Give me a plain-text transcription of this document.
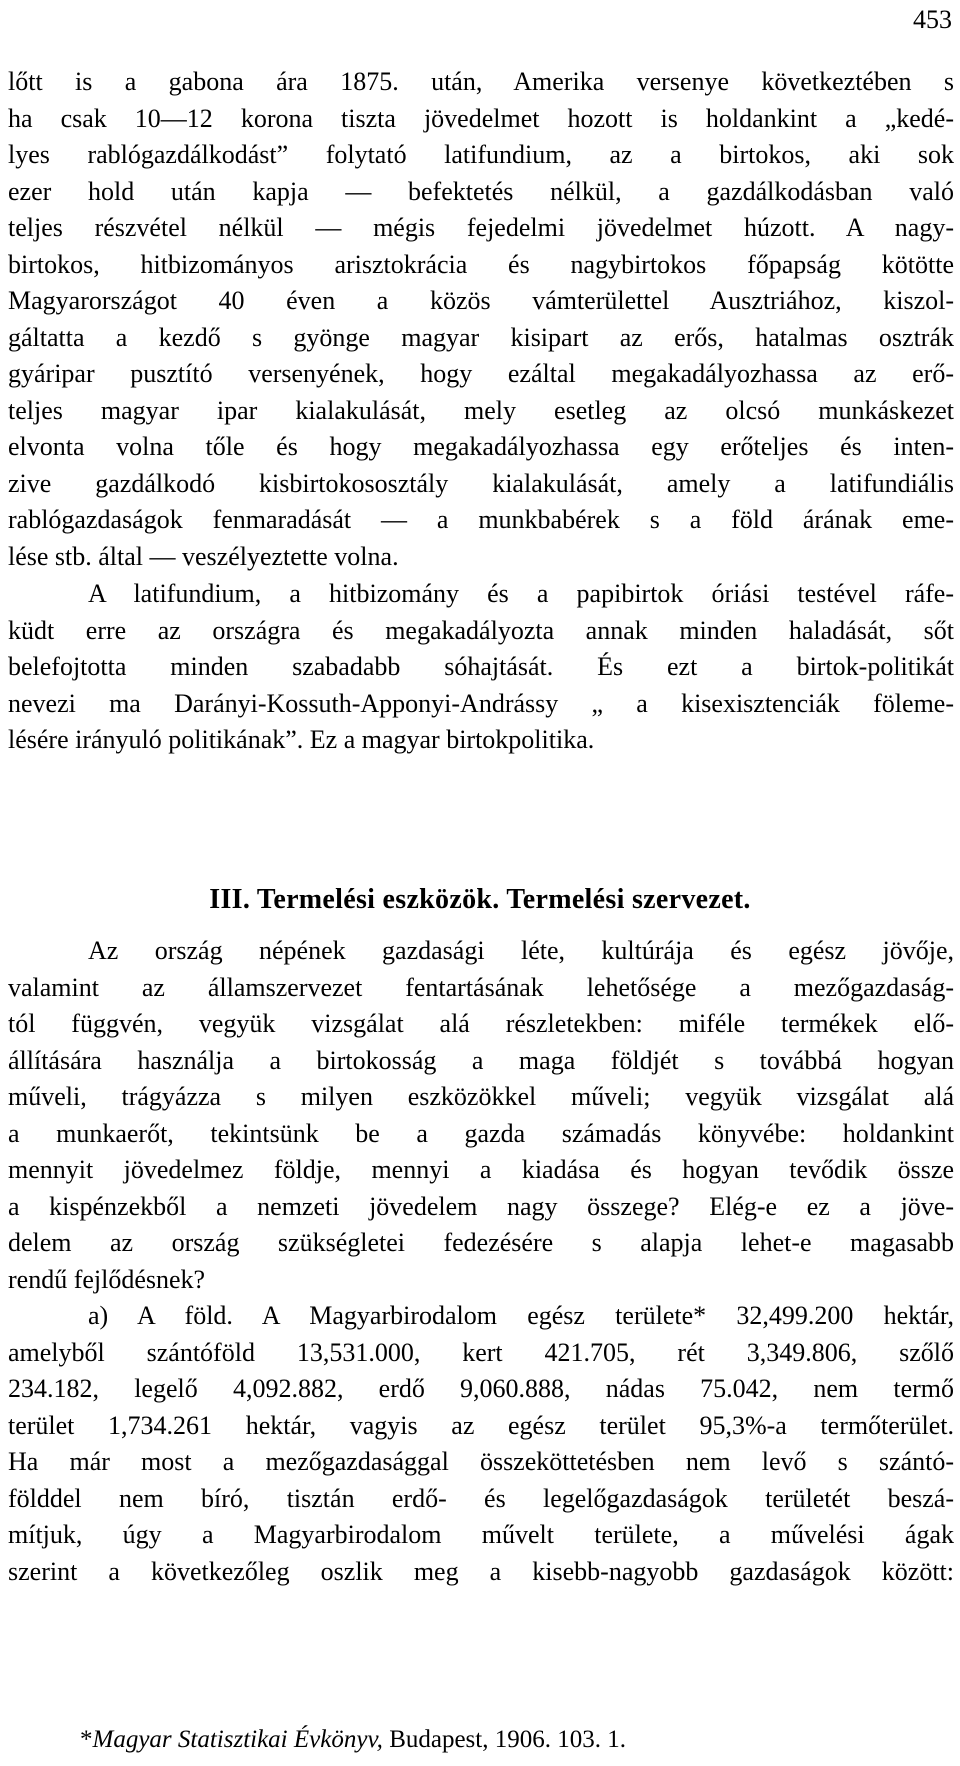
453
lőtt is a gabona ára 1875. után, Amerika versenye következtében s
ha csak 10—12 korona tiszta jövedelmet hozott is holdankint a „kedé-
lyes rablógazdálkodást” folytató latifundium, az a birtokos, aki sok
ezer hold után kapja — befektetés nélkül, a gazdálkodásban való
teljes részvétel nélkül — mégis fejedelmi jövedelmet húzott. A nagy-
birtokos, hitbizományos arisztokrácia és nagybirtokos főpapság kötötte
Magyarországot 40 éven a közös vámterülettel Ausztriához, kiszol-
gáltatta a kezdő s gyönge magyar kisipart az erős, hatalmas osztrák
gyáripar pusztító versenyének, hogy ezáltal megakadályozhassa az erő-
teljes magyar ipar kialakulását, mely esetleg az olcsó munkáskezet
elvonta volna tőle és hogy megakadályozhassa egy erőteljes és inten-
zive gazdálkodó kisbirtokososztály kialakulását, amely a latifundiális
rablógazdaságok fenmaradását — a munkbabérek s a föld árának eme-
lése stb. által — veszélyeztette volna.
A latifundium, a hitbizomány és a papibirtok óriási testével ráfe-
küdt erre az országra és megakadályozta annak minden haladását, sőt
belefojtotta minden szabadabb sóhajtását. És ezt a birtok-politikát
nevezi ma Darányi-Kossuth-Apponyi-Andrássy „ a kisexisztenciák föleme-
lésére irányuló politikának”. Ez a magyar birtokpolitika.
III. Termelési eszközök. Termelési szervezet.
Az ország népének gazdasági léte, kultúrája és egész jövője,
valamint az államszervezet fentartásának lehetősége a mezőgazdaság-
tól függvén, vegyük vizsgálat alá részletekben: miféle termékek elő-
állítására használja a birtokosság a maga földjét s továbbá hogyan
műveli, trágyázza s milyen eszközökkel műveli; vegyük vizsgálat alá
a munkaerőt, tekintsünk be a gazda számadás könyvébe: holdankint
mennyit jövedelmez földje, mennyi a kiadása és hogyan tevődik össze
a kispénzekből a nemzeti jövedelem nagy összege? Elég-e ez a jöve-
delem az ország szükségletei fedezésére s alapja lehet-e magasabb
rendű fejlődésnek?
a) A föld. A Magyarbirodalom egész területe* 32,499.200 hektár,
amelyből szántóföld 13,531.000, kert 421.705, rét 3,349.806, szőlő
234.182, legelő 4,092.882, erdő 9,060.888, nádas 75.042, nem termő
terület 1,734.261 hektár, vagyis az egész terület 95,3%-a termőterület.
Ha már most a mezőgazdasággal összeköttetésben nem levő s szántó-
földdel nem bíró, tisztán erdő- és legelőgazdaságok területét beszá-
mítjuk, úgy a Magyarbirodalom művelt területe, a művelési ágak
szerint a következőleg oszlik meg a kisebb-nagyobb gazdaságok között:
*Magyar Statisztikai Évkönyv, Budapest, 1906. 103. 1.
